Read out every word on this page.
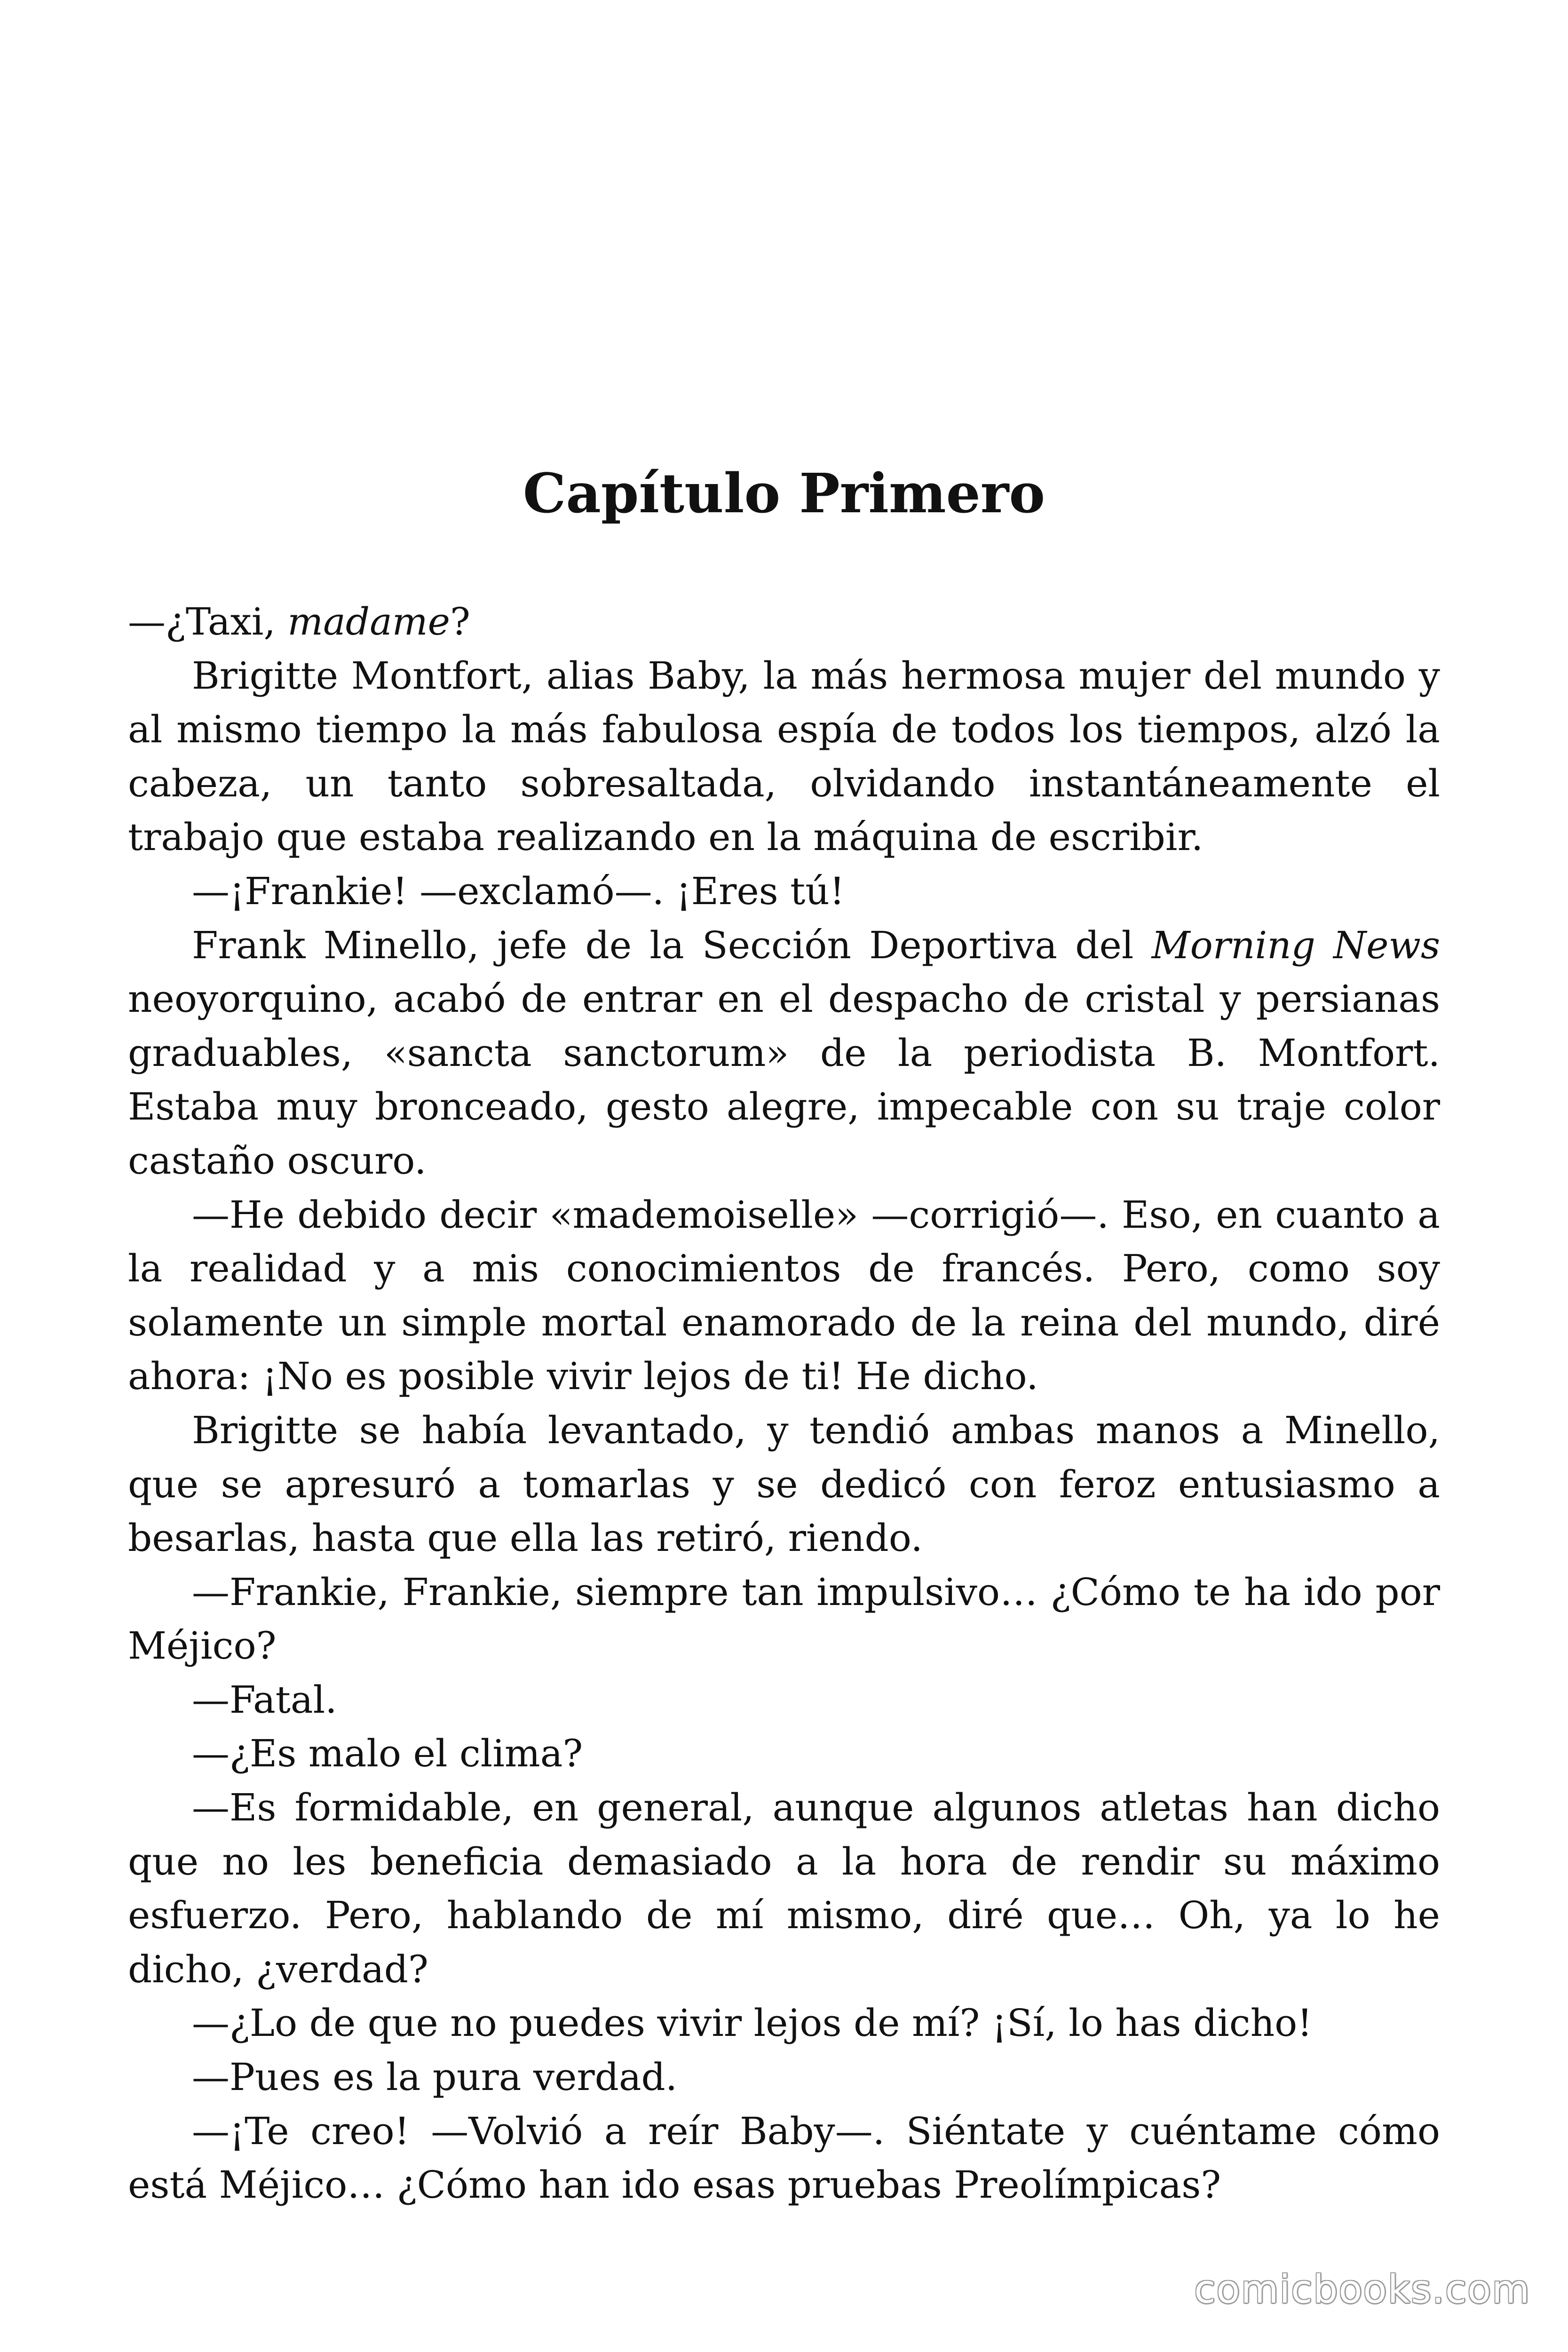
Capítulo Primero

—¿Taxi, madame?

Brigitte Montfort, alias Baby, la más hermosa mujer del mundo y al mismo tiempo la más fabulosa espía de todos los tiempos, alzó la cabeza, un tanto sobresaltada, olvidando instantáneamente el trabajo que estaba realizando en la máquina de escribir.

—¡Frankie! —exclamó—. ¡Eres tú!

Frank Minello, jefe de la Sección Deportiva del Morning News neoyorquino, acabó de entrar en el despacho de cristal y persianas graduables, «sancta sanctorum» de la periodista B. Montfort. Estaba muy bronceado, gesto alegre, impecable con su traje color castaño oscuro.

—He debido decir «mademoiselle» —corrigió—. Eso, en cuanto a la realidad y a mis conocimientos de francés. Pero, como soy solamente un simple mortal enamorado de la reina del mundo, diré ahora: ¡No es posible vivir lejos de ti! He dicho.

Brigitte se había levantado, y tendió ambas manos a Minello, que se apresuró a tomarlas y se dedicó con feroz entusiasmo a besarlas, hasta que ella las retiró, riendo.

—Frankie, Frankie, siempre tan impulsivo… ¿Cómo te ha ido por Méjico?

—Fatal.

—¿Es malo el clima?

—Es formidable, en general, aunque algunos atletas han dicho que no les beneficia demasiado a la hora de rendir su máximo esfuerzo. Pero, hablando de mí mismo, diré que… Oh, ya lo he dicho, ¿verdad?

—¿Lo de que no puedes vivir lejos de mí? ¡Sí, lo has dicho!

—Pues es la pura verdad.

—¡Te creo! —Volvió a reír Baby—. Siéntate y cuéntame cómo está Méjico… ¿Cómo han ido esas pruebas Preolímpicas?

comicbooks.com
